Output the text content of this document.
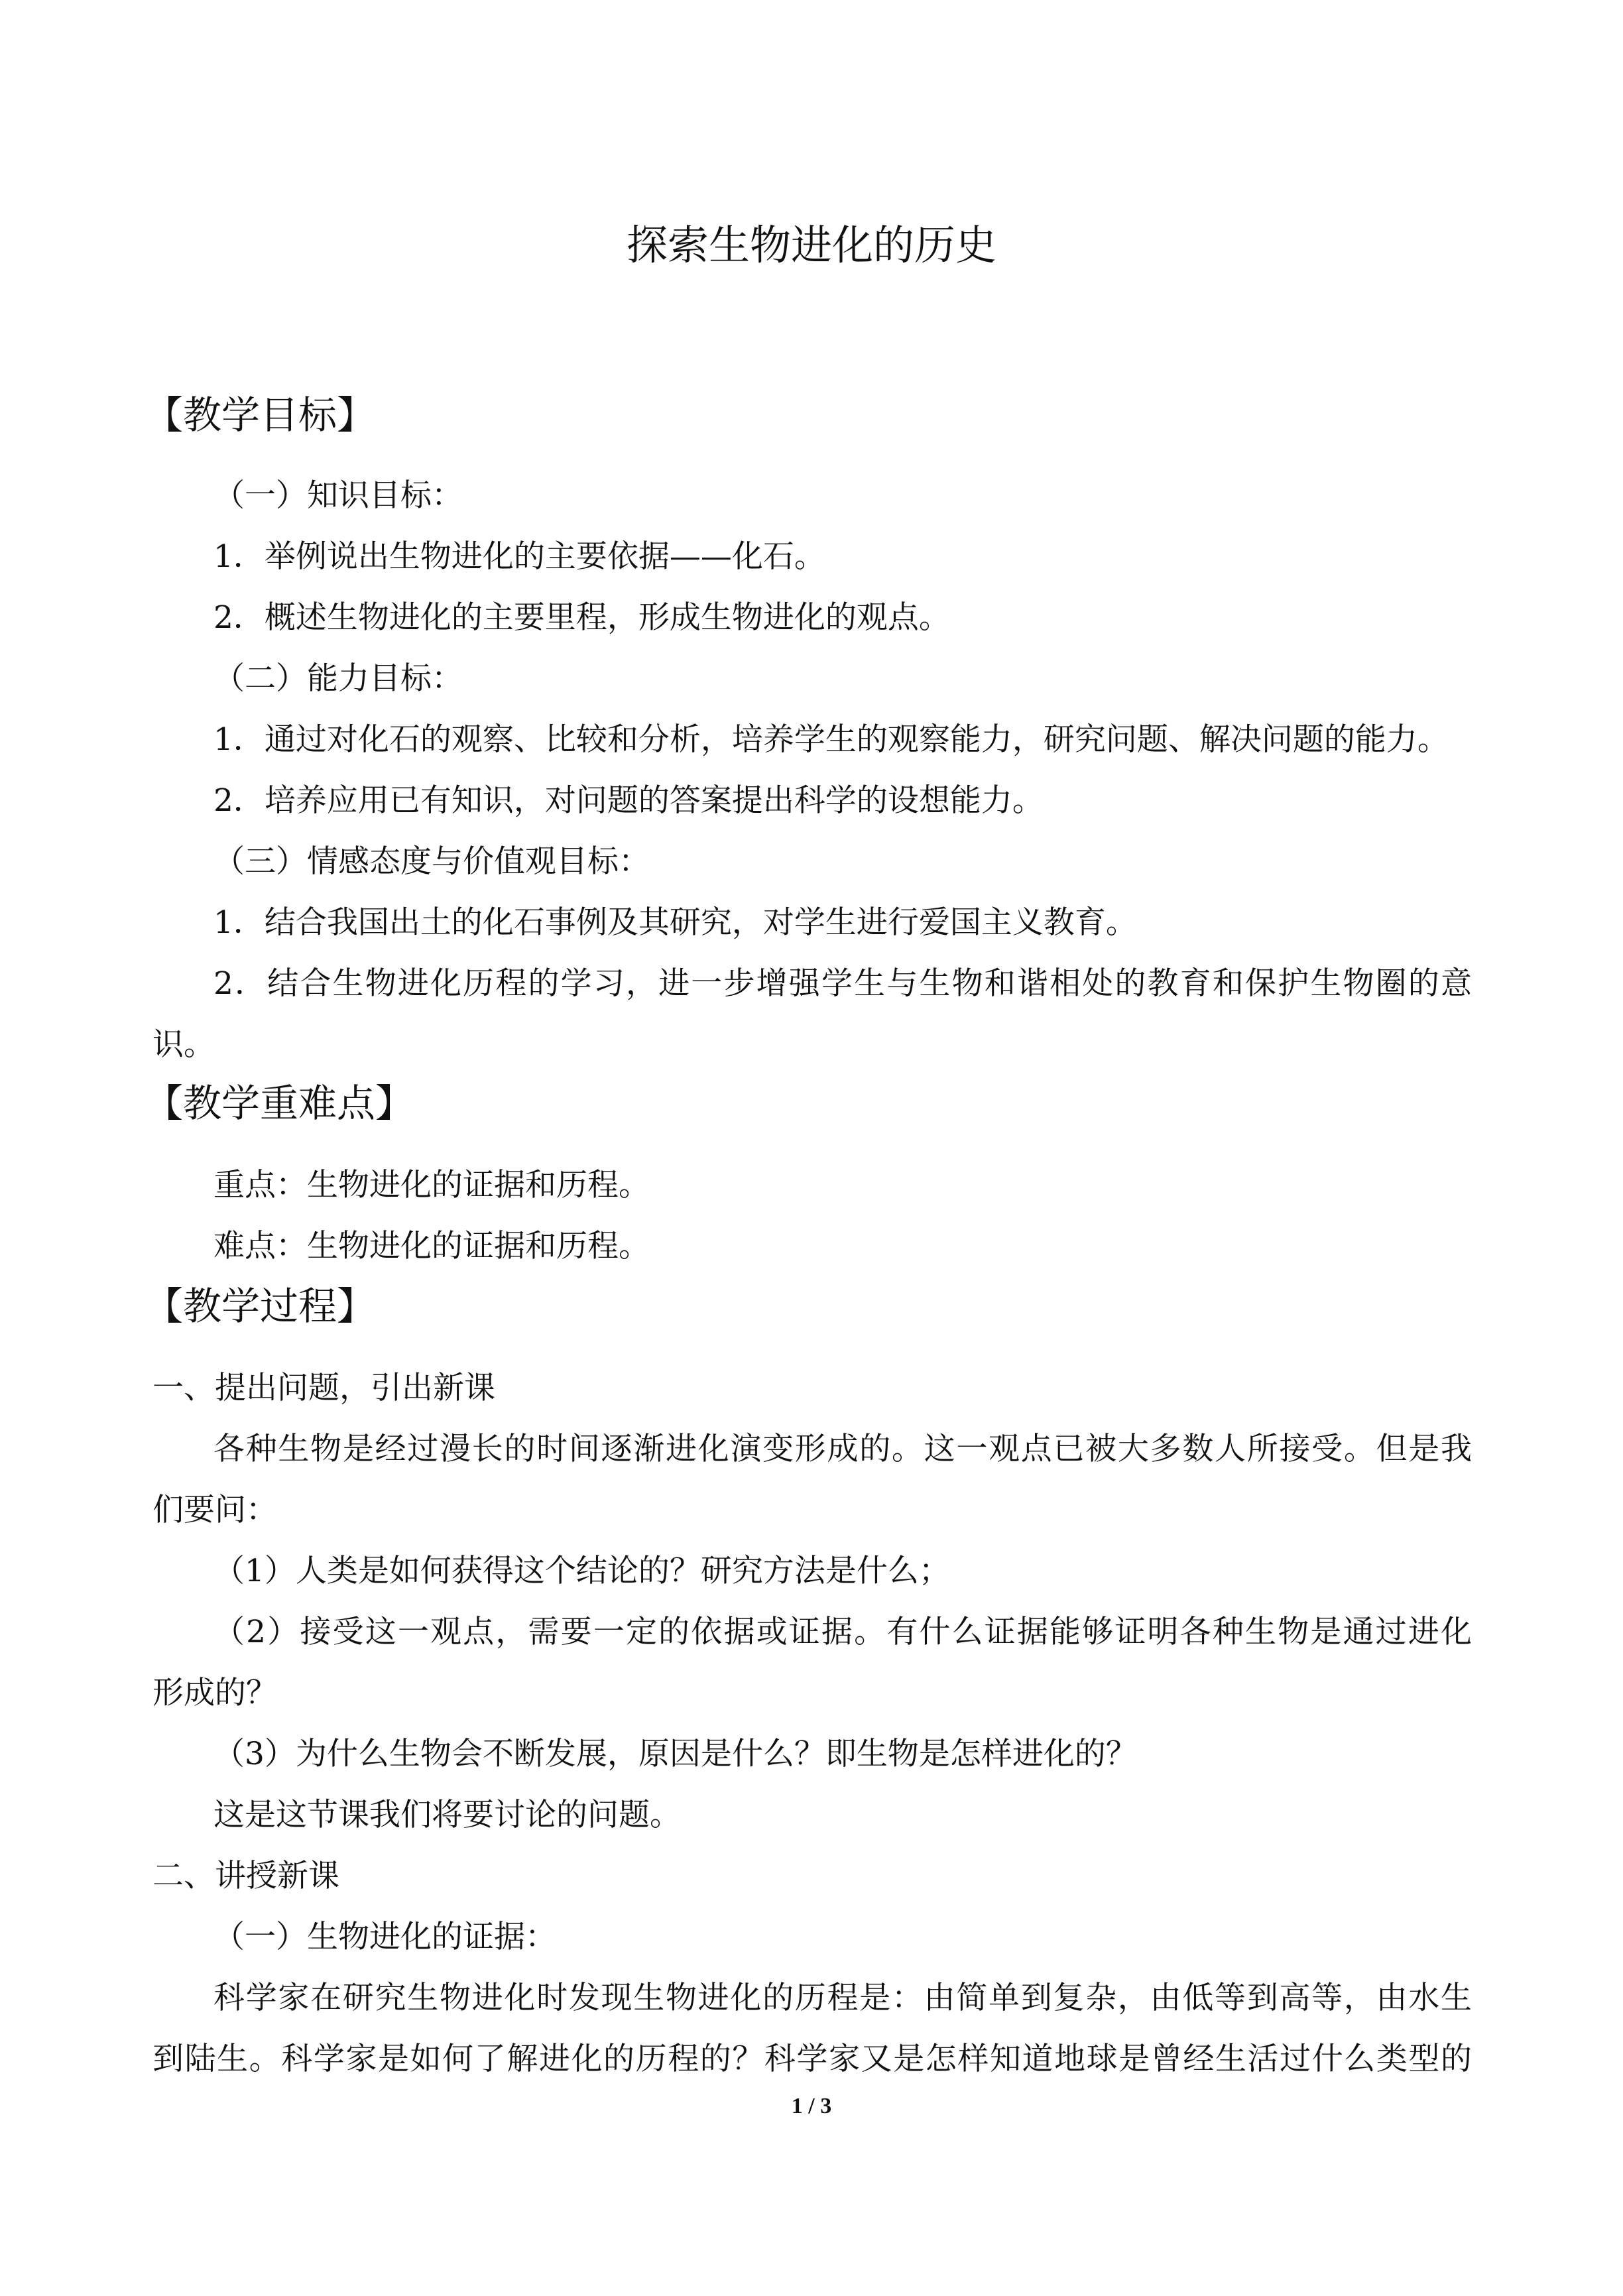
探索生物进化的历史
【教学目标】
（一）知识目标：
1．举例说出生物进化的主要依据——化石。
2．概述生物进化的主要里程，形成生物进化的观点。
（二）能力目标：
1．通过对化石的观察、比较和分析，培养学生的观察能力，研究问题、解决问题的能力。
2．培养应用已有知识，对问题的答案提出科学的设想能力。
（三）情感态度与价值观目标：
1．结合我国出土的化石事例及其研究，对学生进行爱国主义教育。
2．结合生物进化历程的学习，进一步增强学生与生物和谐相处的教育和保护生物圈的意
识。
【教学重难点】
重点：生物进化的证据和历程。
难点：生物进化的证据和历程。
【教学过程】
一、提出问题，引出新课
各种生物是经过漫长的时间逐渐进化演变形成的。这一观点已被大多数人所接受。但是我
们要问：
（1）人类是如何获得这个结论的？研究方法是什么；
（2）接受这一观点，需要一定的依据或证据。有什么证据能够证明各种生物是通过进化
形成的？
（3）为什么生物会不断发展，原因是什么？即生物是怎样进化的？
这是这节课我们将要讨论的问题。
二、讲授新课
（一）生物进化的证据：
科学家在研究生物进化时发现生物进化的历程是：由简单到复杂，由低等到高等，由水生
到陆生。科学家是如何了解进化的历程的？科学家又是怎样知道地球是曾经生活过什么类型的
1 / 3
